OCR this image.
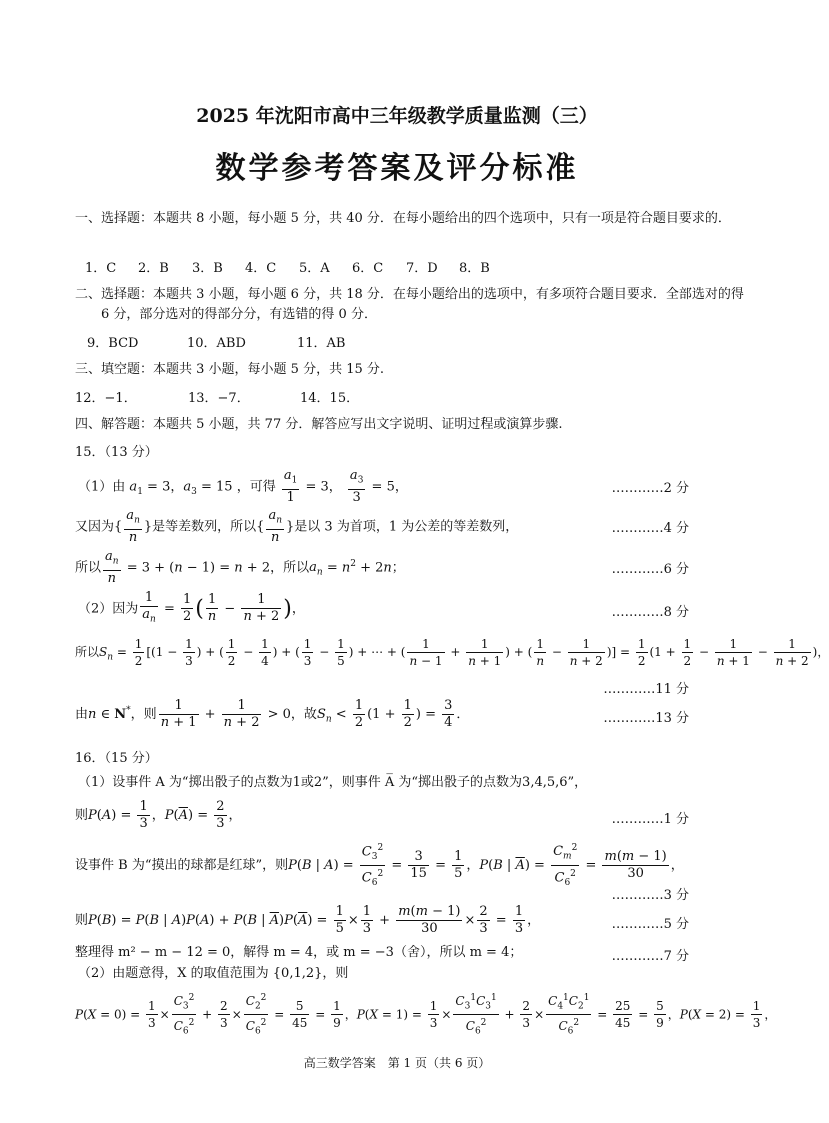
2025 年沈阳市高中三年级教学质量监测（三）
数学参考答案及评分标准
一、选择题：本题共 8 小题，每小题 5 分，共 40 分．在每小题给出的四个选项中，只有一项是符合题目要求的．
1．C 2．B 3．B 4．C 5．A 6．C 7．D 8．B
二、选择题：本题共 3 小题，每小题 6 分，共 18 分．在每小题给出的选项中，有多项符合题目要求．全部选对的得 6 分，部分选对的得部分分，有选错的得 0 分．
9．BCD	10．ABD	11．AB
三、填空题：本题共 3 小题，每小题 5 分，共 15 分.
12．−1．	13．−7．	14．15．
四、解答题：本题共 5 小题，共 77 分．解答应写出文字说明、证明过程或演算步骤.
15．（13 分）
（1）由 $a_1 = 3$，$a_3 = 15$ ，可得 $\frac{a_1}{1} = 3$， $\frac{a_3}{3} = 5$，	…………2 分
又因为{ $\frac{a_n}{n}$ }是等差数列，所以{ $\frac{a_n}{n}$ }是以 3 为首项，1 为公差的等差数列，	…………4 分
所以 $\frac{a_n}{n} = 3 + (n - 1) = n + 2$，所以$a_n = n^2 + 2n$；	…………6 分
（2）因为 $\frac{1}{a_n} = \frac{1}{2}$ ( $\frac{1}{n} - \frac{1}{n + 2}$ )，	…………8 分
所以$S_n = \frac{1}{2} [(1 - \frac{1}{3}$ ) + ( $\frac{1}{2} - \frac{1}{4}$ ) + ( $\frac{1}{3} - \frac{1}{5}$ ) + ⋯ + ( $\frac{1}{n - 1} + \frac{1}{n + 1}$ ) + ( $\frac{1}{n} - \frac{1}{n + 2}$ )] = $\frac{1}{2} (1 + \frac{1}{2} - \frac{1}{n + 1} - \frac{1}{n + 2}$ )，
…………11 分
由n ∈ N*，则 $\frac{1}{n + 1} + \frac{1}{n + 2} > 0$，故$S_n < \frac{1}{2} (1 + \frac{1}{2}$ ) = $\frac{3}{4}$ ．	…………13 分
16．（15 分）
（1）设事件 A 为“掷出骰子的点数为1或2”，则事件 A̅ 为“掷出骰子的点数为3,4,5,6”，
则$P(A) = \frac{1}{3}$ ，$P(\overline{A}) = \frac{2}{3}$ ，	…………1 分
设事件 B 为“摸出的球都是红球”，则P(B | $A) = \frac{C_3^2}{C_6^2} = \frac{3}{15} = \frac{1}{5}$ ，P(B | $\overline{A}) = \frac{C_m^2}{C_6^2} = \frac{m(m - 1)}{30}$ ，
…………3 分
则P(B) = P(B | A)P(A) + P(B | $\overline{A})P(\overline{A}) = \frac{1}{5} \times \frac{1}{3} + \frac{m(m - 1)}{30} \times \frac{2}{3} = \frac{1}{3}$ ，	…………5 分
整理得 m² − m − 12 = 0，解得 m = 4，或 m = −3（舍），所以 m = 4；	…………7 分
（2）由题意得，X 的取值范围为 {0,1,2}，则
$P(X = 0) = \frac{1}{3} \times \frac{C_3^2}{C_6^2} + \frac{2}{3} \times \frac{C_2^2}{C_6^2} = \frac{5}{45} = \frac{1}{9}$ ，$P(X = 1) = \frac{1}{3} \times \frac{C_3^1C_3^1}{C_6^2} + \frac{2}{3} \times \frac{C_4^1C_2^1}{C_6^2} = \frac{25}{45} = \frac{5}{9}$ ，$P(X = 2) = \frac{1}{3}$ ，
高三数学答案　第 1 页（共 6 页）
